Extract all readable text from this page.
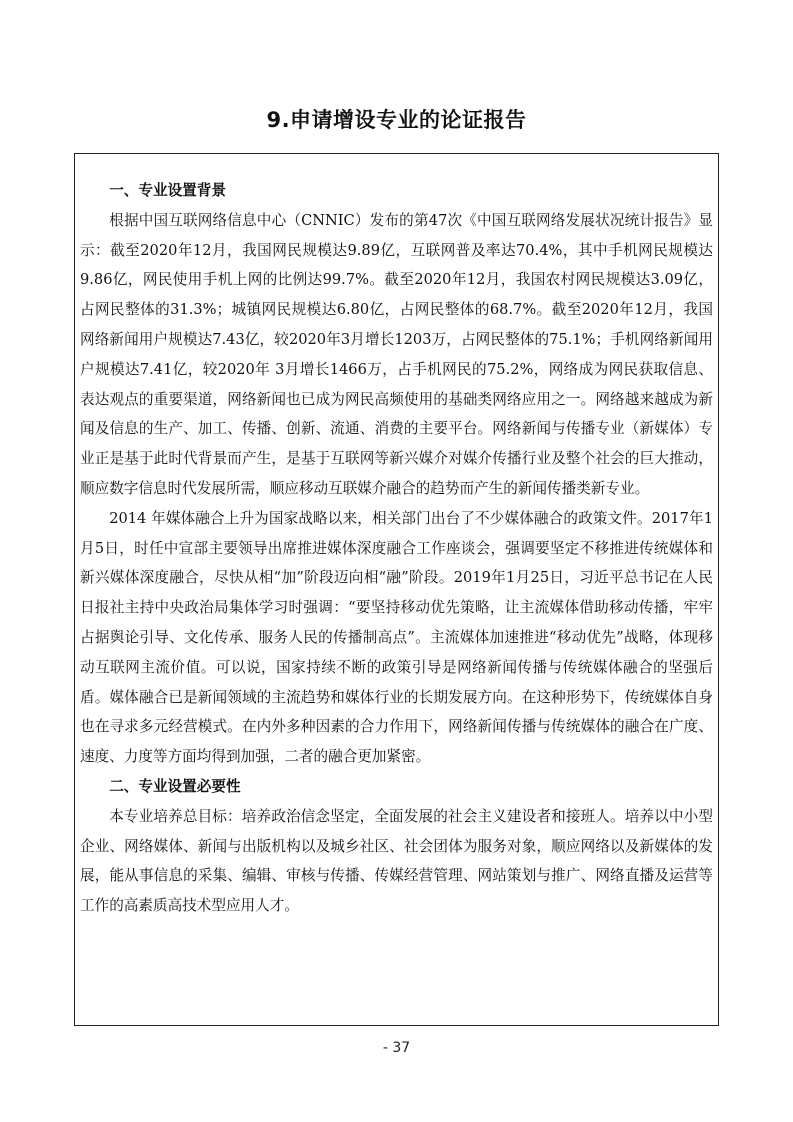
9.申请增设专业的论证报告
一、专业设置背景

根据中国互联网络信息中心（CNNIC）发布的第47次《中国互联网络发展状况统计报告》显示：截至2020年12月，我国网民规模达9.89亿，互联网普及率达70.4%，其中手机网民规模达9.86亿，网民使用手机上网的比例达99.7%。截至2020年12月，我国农村网民规模达3.09亿，占网民整体的31.3%；城镇网民规模达6.80亿，占网民整体的68.7%。截至2020年12月，我国网络新闻用户规模达7.43亿，较2020年3月增长1203万，占网民整体的75.1%；手机网络新闻用户规模达7.41亿，较2020年 3月增长1466万，占手机网民的75.2%，网络成为网民获取信息、表达观点的重要渠道，网络新闻也已成为网民高频使用的基础类网络应用之一。网络越来越成为新闻及信息的生产、加工、传播、创新、流通、消费的主要平台。网络新闻与传播专业（新媒体）专业正是基于此时代背景而产生，是基于互联网等新兴媒介对媒介传播行业及整个社会的巨大推动，顺应数字信息时代发展所需，顺应移动互联媒介融合的趋势而产生的新闻传播类新专业。

2014 年媒体融合上升为国家战略以来，相关部门出台了不少媒体融合的政策文件。2017年1月5日，时任中宣部主要领导出席推进媒体深度融合工作座谈会，强调要坚定不移推进传统媒体和新兴媒体深度融合，尽快从相“加”阶段迈向相“融”阶段。2019年1月25日，习近平总书记在人民日报社主持中央政治局集体学习时强调：“要坚持移动优先策略，让主流媒体借助移动传播，牢牢占据舆论引导、文化传承、服务人民的传播制高点”。主流媒体加速推进“移动优先”战略，体现移动互联网主流价值。可以说，国家持续不断的政策引导是网络新闻传播与传统媒体融合的坚强后盾。媒体融合已是新闻领域的主流趋势和媒体行业的长期发展方向。在这种形势下，传统媒体自身也在寻求多元经营模式。在内外多种因素的合力作用下，网络新闻传播与传统媒体的融合在广度、速度、力度等方面均得到加强，二者的融合更加紧密。

二、专业设置必要性

本专业培养总目标：培养政治信念坚定，全面发展的社会主义建设者和接班人。培养以中小型企业、网络媒体、新闻与出版机构以及城乡社区、社会团体为服务对象，顺应网络以及新媒体的发展，能从事信息的采集、编辑、审核与传播、传媒经营管理、网站策划与推广、网络直播及运营等工作的高素质高技术型应用人才。

- 37
